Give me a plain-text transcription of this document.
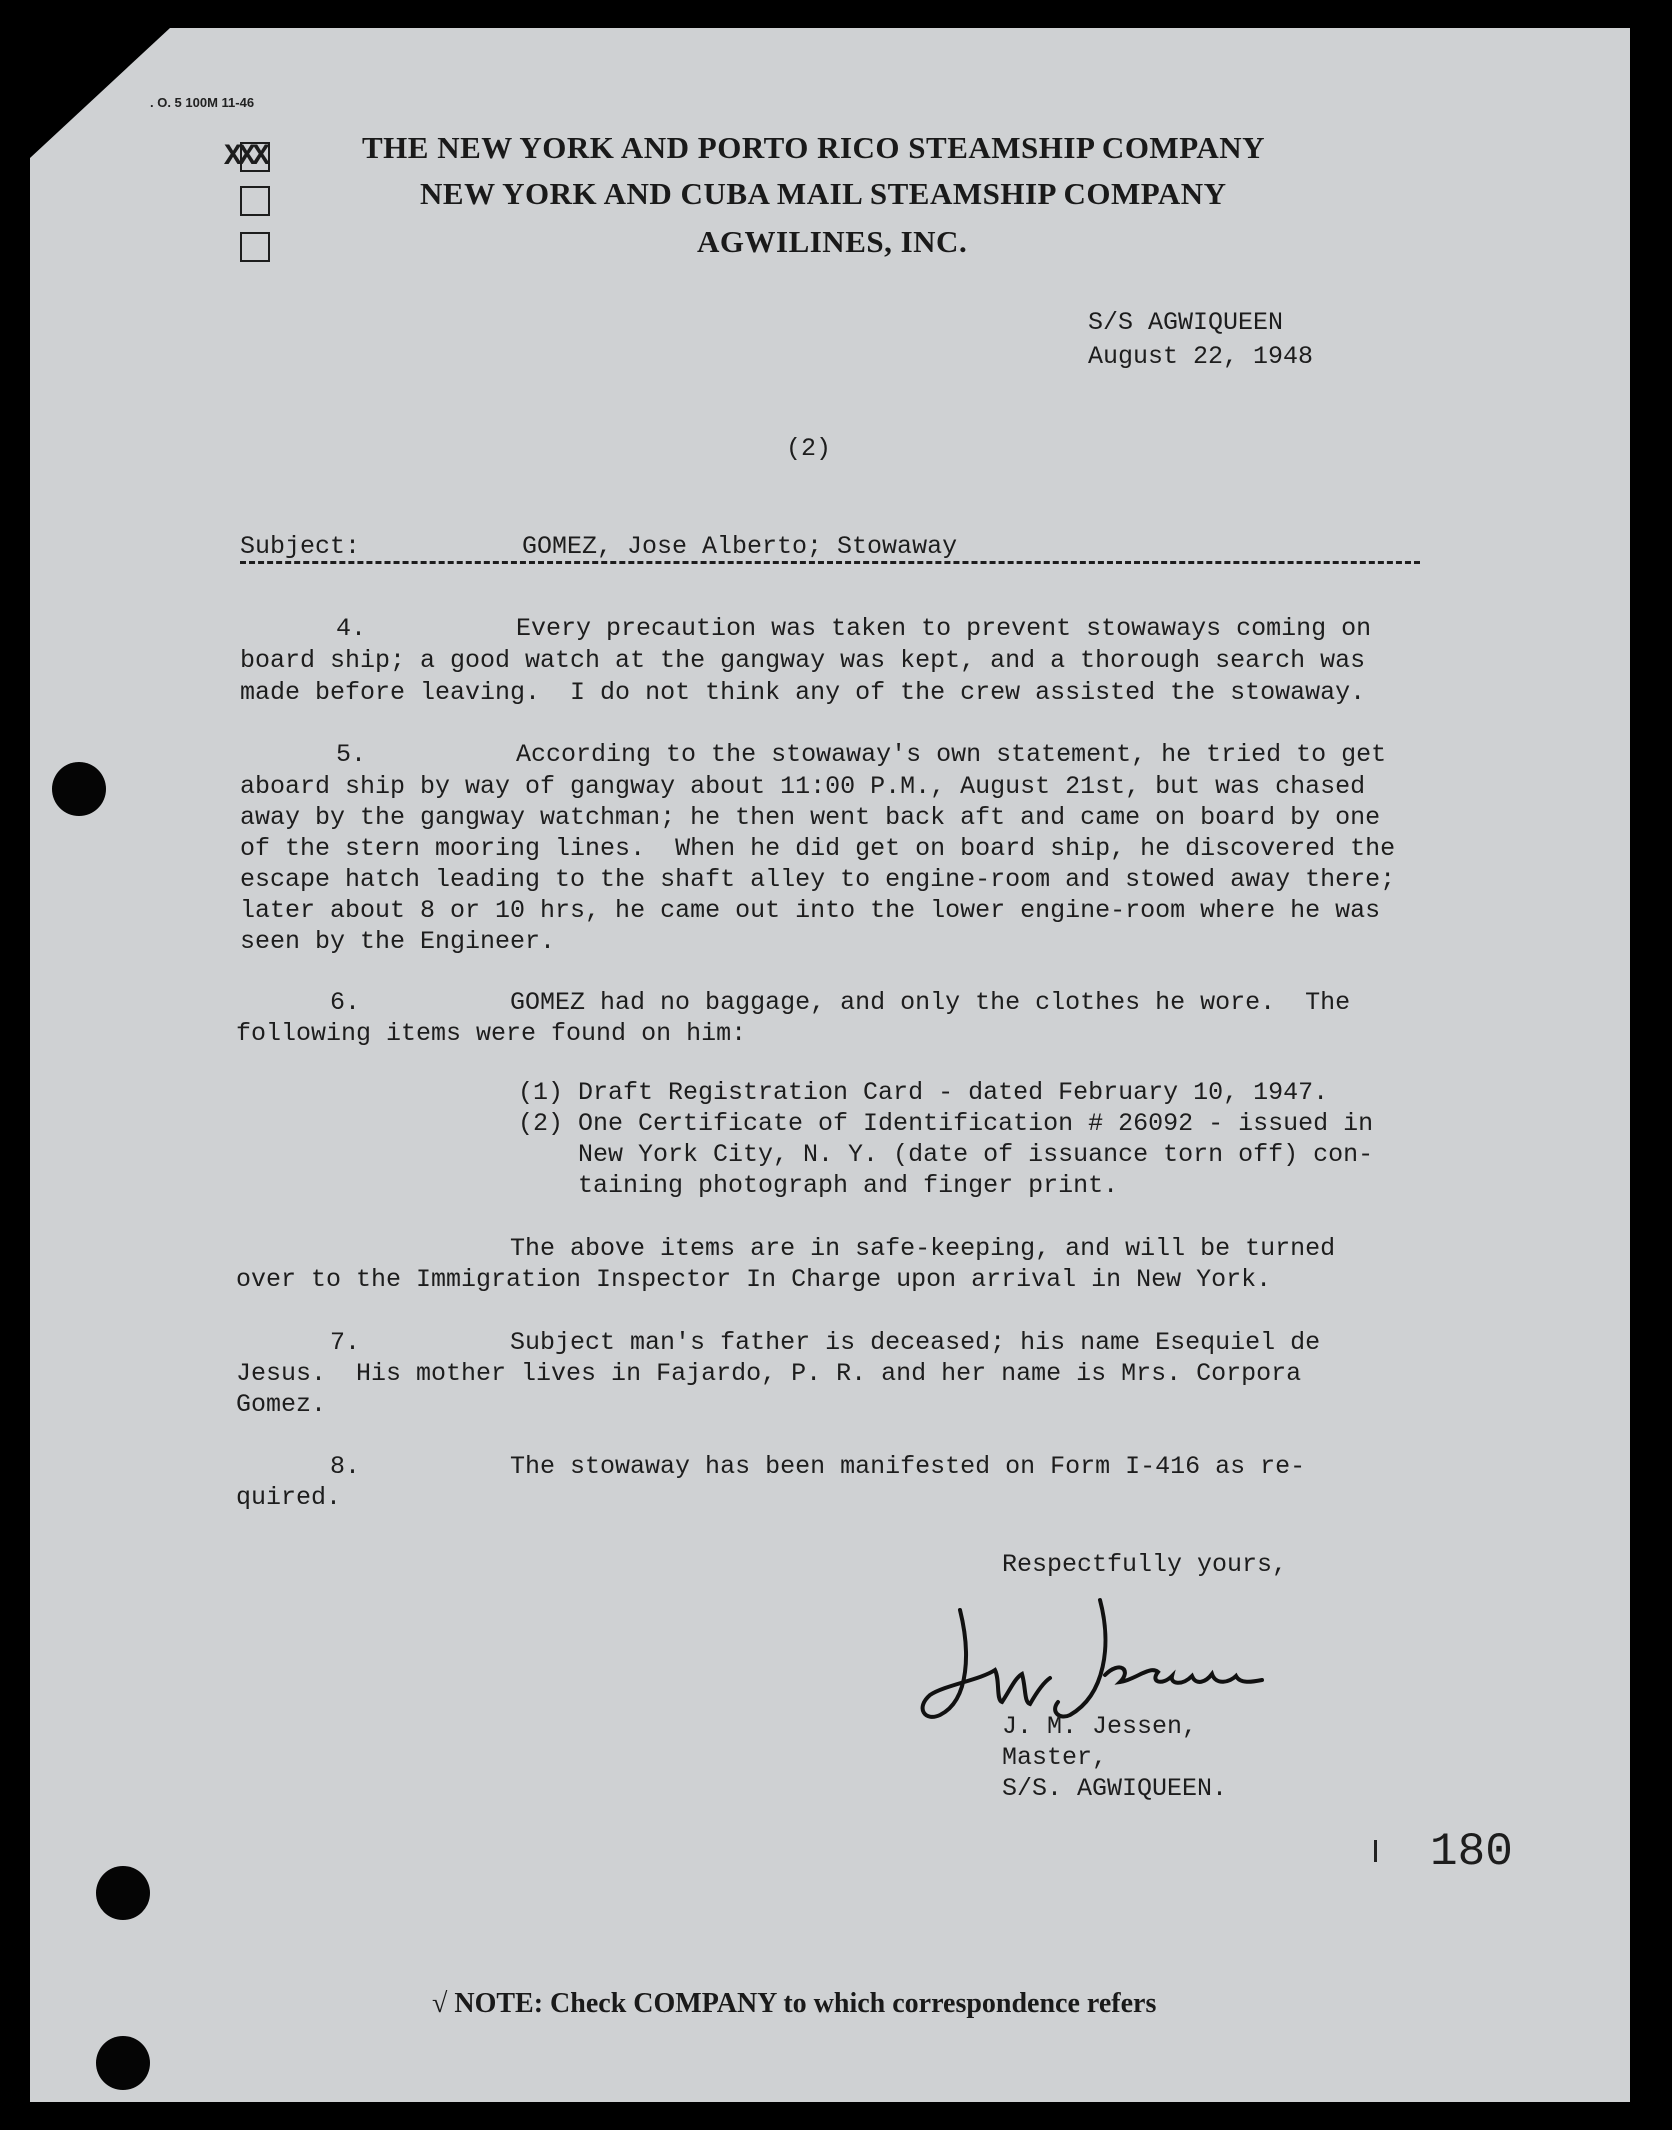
. O. 5 100M 11-46
XXX	THE NEW YORK AND PORTO RICO STEAMSHIP COMPANY
NEW YORK AND CUBA MAIL STEAMSHIP COMPANY
AGWILINES, INC.
S/S AGWIQUEEN
August 22, 1948
(2)
Subject:	GOMEZ, Jose Alberto; Stowaway
4.          Every precaution was taken to prevent stowaways coming on
board ship; a good watch at the gangway was kept, and a thorough search was
made before leaving.  I do not think any of the crew assisted the stowaway.
5.          According to the stowaway's own statement, he tried to get
aboard ship by way of gangway about 11:00 P.M., August 21st, but was chased
away by the gangway watchman; he then went back aft and came on board by one
of the stern mooring lines.  When he did get on board ship, he discovered the
escape hatch leading to the shaft alley to engine-room and stowed away there;
later about 8 or 10 hrs, he came out into the lower engine-room where he was
seen by the Engineer.
6.          GOMEZ had no baggage, and only the clothes he wore.  The
following items were found on him:
(1) Draft Registration Card - dated February 10, 1947.
(2) One Certificate of Identification # 26092 - issued in
New York City, N. Y. (date of issuance torn off) con-
taining photograph and finger print.
The above items are in safe-keeping, and will be turned
over to the Immigration Inspector In Charge upon arrival in New York.
7.          Subject man's father is deceased; his name Esequiel de
Jesus.  His mother lives in Fajardo, P. R. and her name is Mrs. Corpora
Gomez.
8.          The stowaway has been manifested on Form I-416 as re-
quired.
Respectfully yours,
J. M. Jessen,
Master,
S/S. AGWIQUEEN.
180
√ NOTE: Check COMPANY to which correspondence refers
